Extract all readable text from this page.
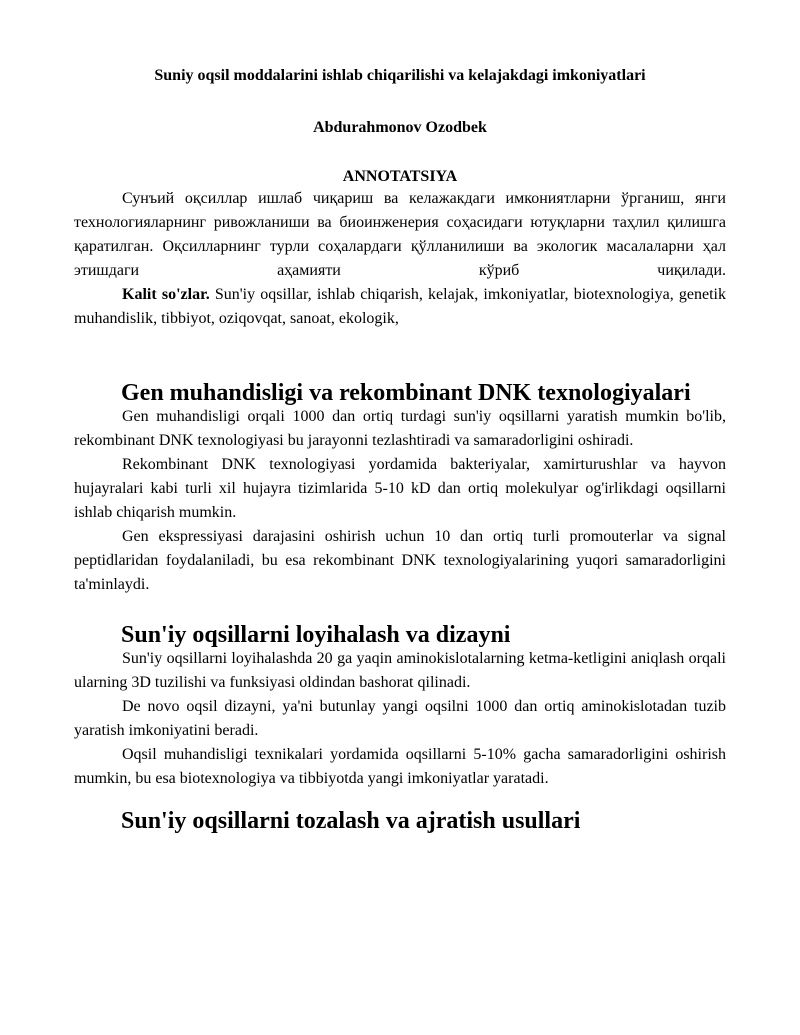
Suniy oqsil moddalarini ishlab chiqarilishi va kelajakdagi imkoniyatlari
Abdurahmonov Ozodbek
ANNOTATSIYA

Сунъий оқсиллар ишлаб чиқариш ва келажакдаги имкониятларни ўрганиш, янги технологияларнинг ривожланиши ва биоинженерия соҳасидаги ютуқларни таҳлил қилишга қаратилган. Оқсилларнинг турли соҳалардаги қўлланилиши ва экологик масалаларни ҳал этишдаги аҳамияти кўриб чиқилади.

Kalit so'zlar. Sun'iy oqsillar, ishlab chiqarish, kelajak, imkoniyatlar, biotexnologiya, genetik muhandislik, tibbiyot, oziqovqat, sanoat, ekologik,

Gen muhandisligi va rekombinant DNK texnologiyalari

Gen muhandisligi orqali 1000 dan ortiq turdagi sun'iy oqsillarni yaratish mumkin bo'lib, rekombinant DNK texnologiyasi bu jarayonni tezlashtiradi va samaradorligini oshiradi.

Rekombinant DNK texnologiyasi yordamida bakteriyalar, xamirturushlar va hayvon hujayralari kabi turli xil hujayra tizimlarida 5-10 kD dan ortiq molekulyar og'irlikdagi oqsillarni ishlab chiqarish mumkin.

Gen ekspressiyasi darajasini oshirish uchun 10 dan ortiq turli promouterlar va signal peptidlaridan foydalaniladi, bu esa rekombinant DNK texnologiyalarining yuqori samaradorligini ta'minlaydi.

Sun'iy oqsillarni loyihalash va dizayni

Sun'iy oqsillarni loyihalashda 20 ga yaqin aminokislotalarning ketma-ketligini aniqlash orqali ularning 3D tuzilishi va funksiyasi oldindan bashorat qilinadi.

De novo oqsil dizayni, ya'ni butunlay yangi oqsilni 1000 dan ortiq aminokislotadan tuzib yaratish imkoniyatini beradi.

Oqsil muhandisligi texnikalari yordamida oqsillarni 5-10% gacha samaradorligini oshirish mumkin, bu esa biotexnologiya va tibbiyotda yangi imkoniyatlar yaratadi.

Sun'iy oqsillarni tozalash va ajratish usullari
